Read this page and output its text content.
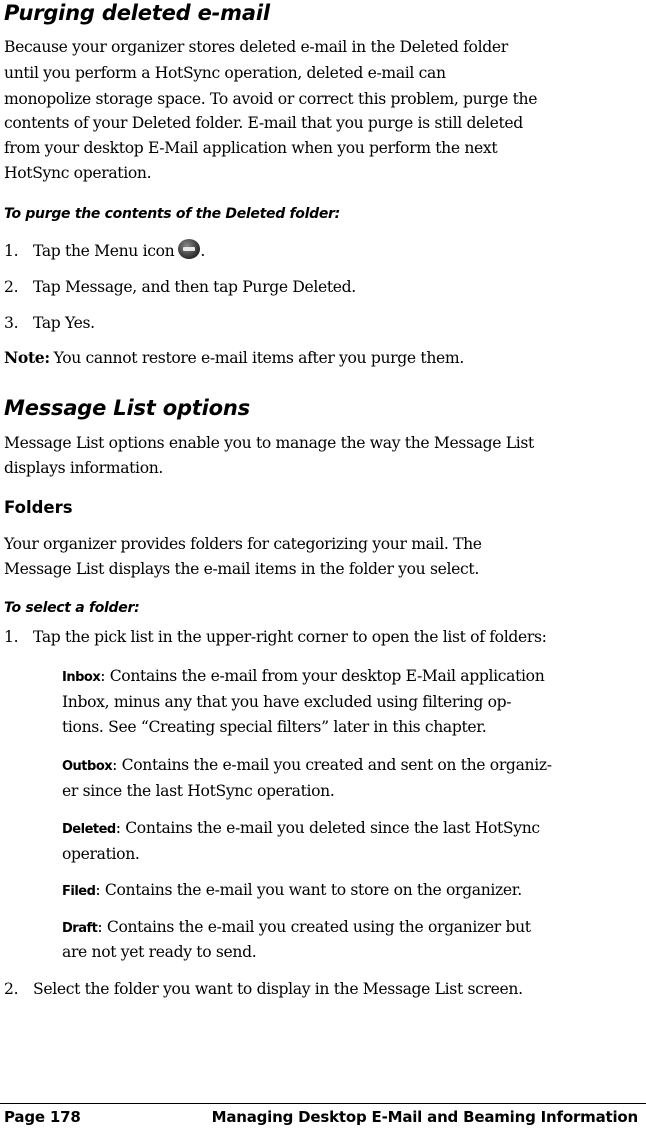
Purging deleted e-mail
Because your organizer stores deleted e-mail in the Deleted folder
until you perform a HotSync operation, deleted e-mail can
monopolize storage space. To avoid or correct this problem, purge the
contents of your Deleted folder. E-mail that you purge is still deleted
from your desktop E-Mail application when you perform the next
HotSync operation.
To purge the contents of the Deleted folder:
1. Tap the Menu icon .
2. Tap Message, and then tap Purge Deleted.
3. Tap Yes.
Note: You cannot restore e-mail items after you purge them.
Message List options
Message List options enable you to manage the way the Message List
displays information.
Folders
Your organizer provides folders for categorizing your mail. The
Message List displays the e-mail items in the folder you select.
To select a folder:
1. Tap the pick list in the upper-right corner to open the list of folders:
Inbox: Contains the e-mail from your desktop E-Mail application
Inbox, minus any that you have excluded using filtering op-
tions. See “Creating special filters” later in this chapter.
Outbox: Contains the e-mail you created and sent on the organiz-
er since the last HotSync operation.
Deleted: Contains the e-mail you deleted since the last HotSync
operation.
Filed: Contains the e-mail you want to store on the organizer.
Draft: Contains the e-mail you created using the organizer but
are not yet ready to send.
2. Select the folder you want to display in the Message List screen.
Page 178	Managing Desktop E-Mail and Beaming Information
